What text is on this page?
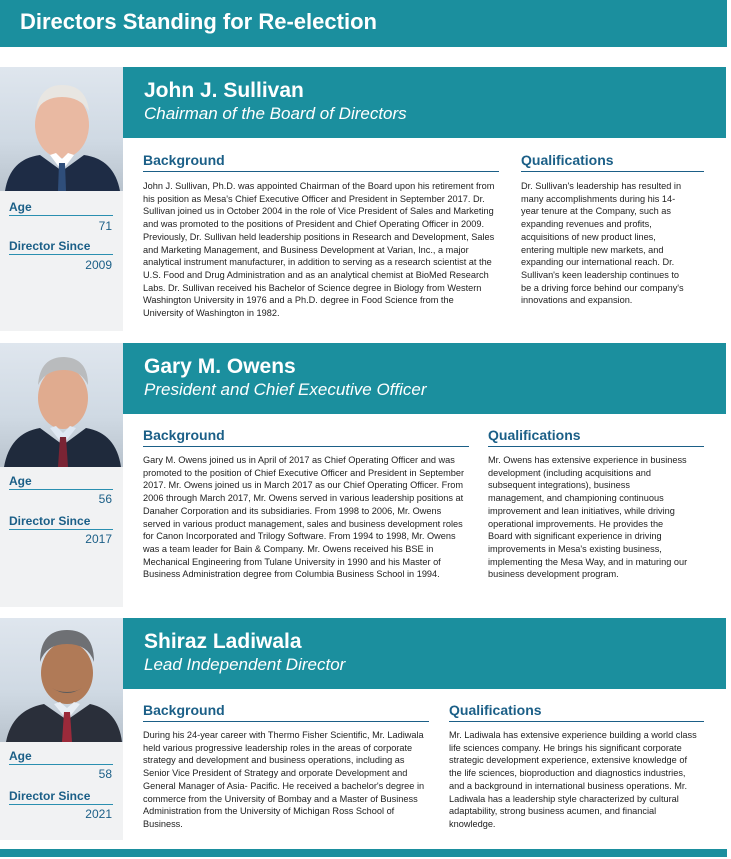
Directors Standing for Re-election
Age
71
Director Since
2009
John J. Sullivan
Chairman of the Board of Directors
Background
John J. Sullivan, Ph.D. was appointed Chairman of the Board upon his retirement from his position as Mesa's Chief Executive Officer and President in September 2017. Dr. Sullivan joined us in October 2004 in the role of Vice President of Sales and Marketing and was promoted to the positions of President and Chief Operating Officer in 2009. Previously, Dr. Sullivan held leadership positions in Research and Development, Sales and Marketing Management, and Business Development at Varian, Inc., a major analytical instrument manufacturer, in addition to serving as a research scientist at the U.S. Food and Drug Administration and as an analytical chemist at BioMed Research Labs. Dr. Sullivan received his Bachelor of Science degree in Biology from Western Washington University in 1976 and a Ph.D. degree in Food Science from the University of Washington in 1982.
Qualifications
Dr. Sullivan's leadership has resulted in many accomplishments during his 14-year tenure at the Company, such as expanding revenues and profits, acquisitions of new product lines, entering multiple new markets, and expanding our international reach. Dr. Sullivan's keen leadership continues to be a driving force behind our company's innovations and expansion.
Age
56
Director Since
2017
Gary M. Owens
President and Chief Executive Officer
Background
Gary M. Owens joined us in April of 2017 as Chief Operating Officer and was promoted to the position of Chief Executive Officer and President in September 2017. Mr. Owens joined us in March 2017 as our Chief Operating Officer. From 2006 through March 2017, Mr. Owens served in various leadership positions at Danaher Corporation and its subsidiaries. From 1998 to 2006, Mr. Owens served in various product management, sales and business development roles for Canon Incorporated and Trilogy Software. From 1994 to 1998, Mr. Owens was a team leader for Bain & Company. Mr. Owens received his BSE in Mechanical Engineering from Tulane University in 1990 and his Master of Business Administration degree from Columbia Business School in 1994.
Qualifications
Mr. Owens has extensive experience in business development (including acquisitions and subsequent integrations), business management, and championing continuous improvement and lean initiatives, while driving operational improvements. He provides the Board with significant experience in driving improvements in Mesa's existing business, implementing the Mesa Way, and in maturing our business development program.
Age
58
Director Since
2021
Shiraz Ladiwala
Lead Independent Director
Background
During his 24-year career with Thermo Fisher Scientific, Mr. Ladiwala held various progressive leadership roles in the areas of corporate strategy and development and business operations, including as Senior Vice President of Strategy and orporate Development and General Manager of Asia- Pacific. He received a bachelor's degree in commerce from the University of Bombay and a Master of Business Administration from the University of Michigan Ross School of Business.
Qualifications
Mr. Ladiwala has extensive experience building a world class life sciences company. He brings his significant corporate strategic development experience, extensive knowledge of the life sciences, bioproduction and diagnostics industries, and a background in international business operations. Mr. Ladiwala has a leadership style characterized by cultural adaptability, strong business acumen, and financial knowledge.
